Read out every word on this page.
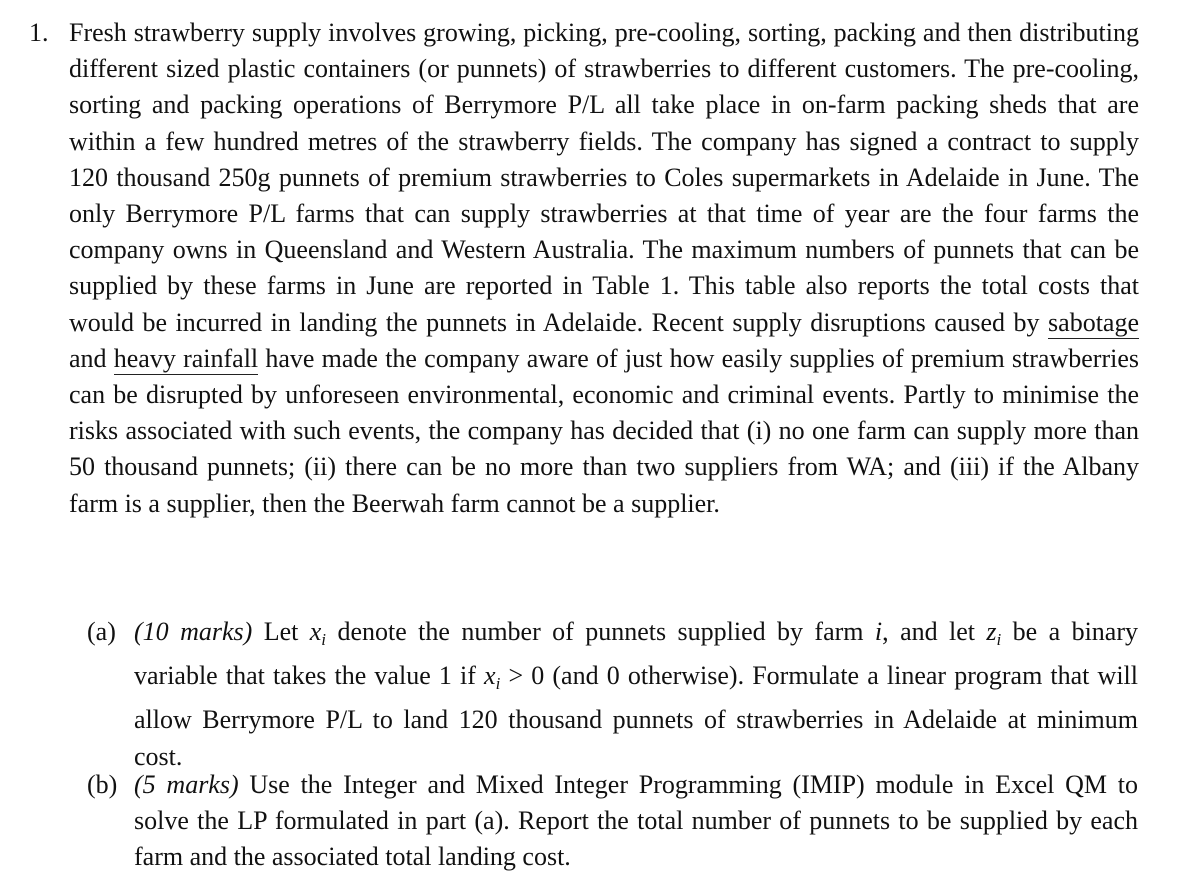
1. Fresh strawberry supply involves growing, picking, pre-cooling, sorting, packing and then distributing different sized plastic containers (or punnets) of strawberries to different customers. The pre-cooling, sorting and packing operations of Berrymore P/L all take place in on-farm packing sheds that are within a few hundred metres of the strawberry fields. The company has signed a contract to supply 120 thousand 250g punnets of premium strawberries to Coles supermarkets in Adelaide in June. The only Berrymore P/L farms that can supply strawberries at that time of year are the four farms the company owns in Queensland and Western Australia. The maximum numbers of punnets that can be supplied by these farms in June are reported in Table 1. This table also reports the total costs that would be incurred in landing the punnets in Adelaide. Recent supply disruptions caused by sabotage and heavy rainfall have made the company aware of just how easily supplies of premium strawberries can be disrupted by unforeseen environmental, economic and criminal events. Partly to minimise the risks associated with such events, the company has decided that (i) no one farm can supply more than 50 thousand punnets; (ii) there can be no more than two suppliers from WA; and (iii) if the Albany farm is a supplier, then the Beerwah farm cannot be a supplier.
(a) (10 marks) Let $x_i$ denote the number of punnets supplied by farm i, and let $z_i$ be a binary variable that takes the value 1 if $x_i > 0$ (and 0 otherwise). Formulate a linear program that will allow Berrymore P/L to land 120 thousand punnets of strawberries in Adelaide at minimum cost.
(b) (5 marks) Use the Integer and Mixed Integer Programming (IMIP) module in Excel QM to solve the LP formulated in part (a). Report the total number of punnets to be supplied by each farm and the associated total landing cost.
